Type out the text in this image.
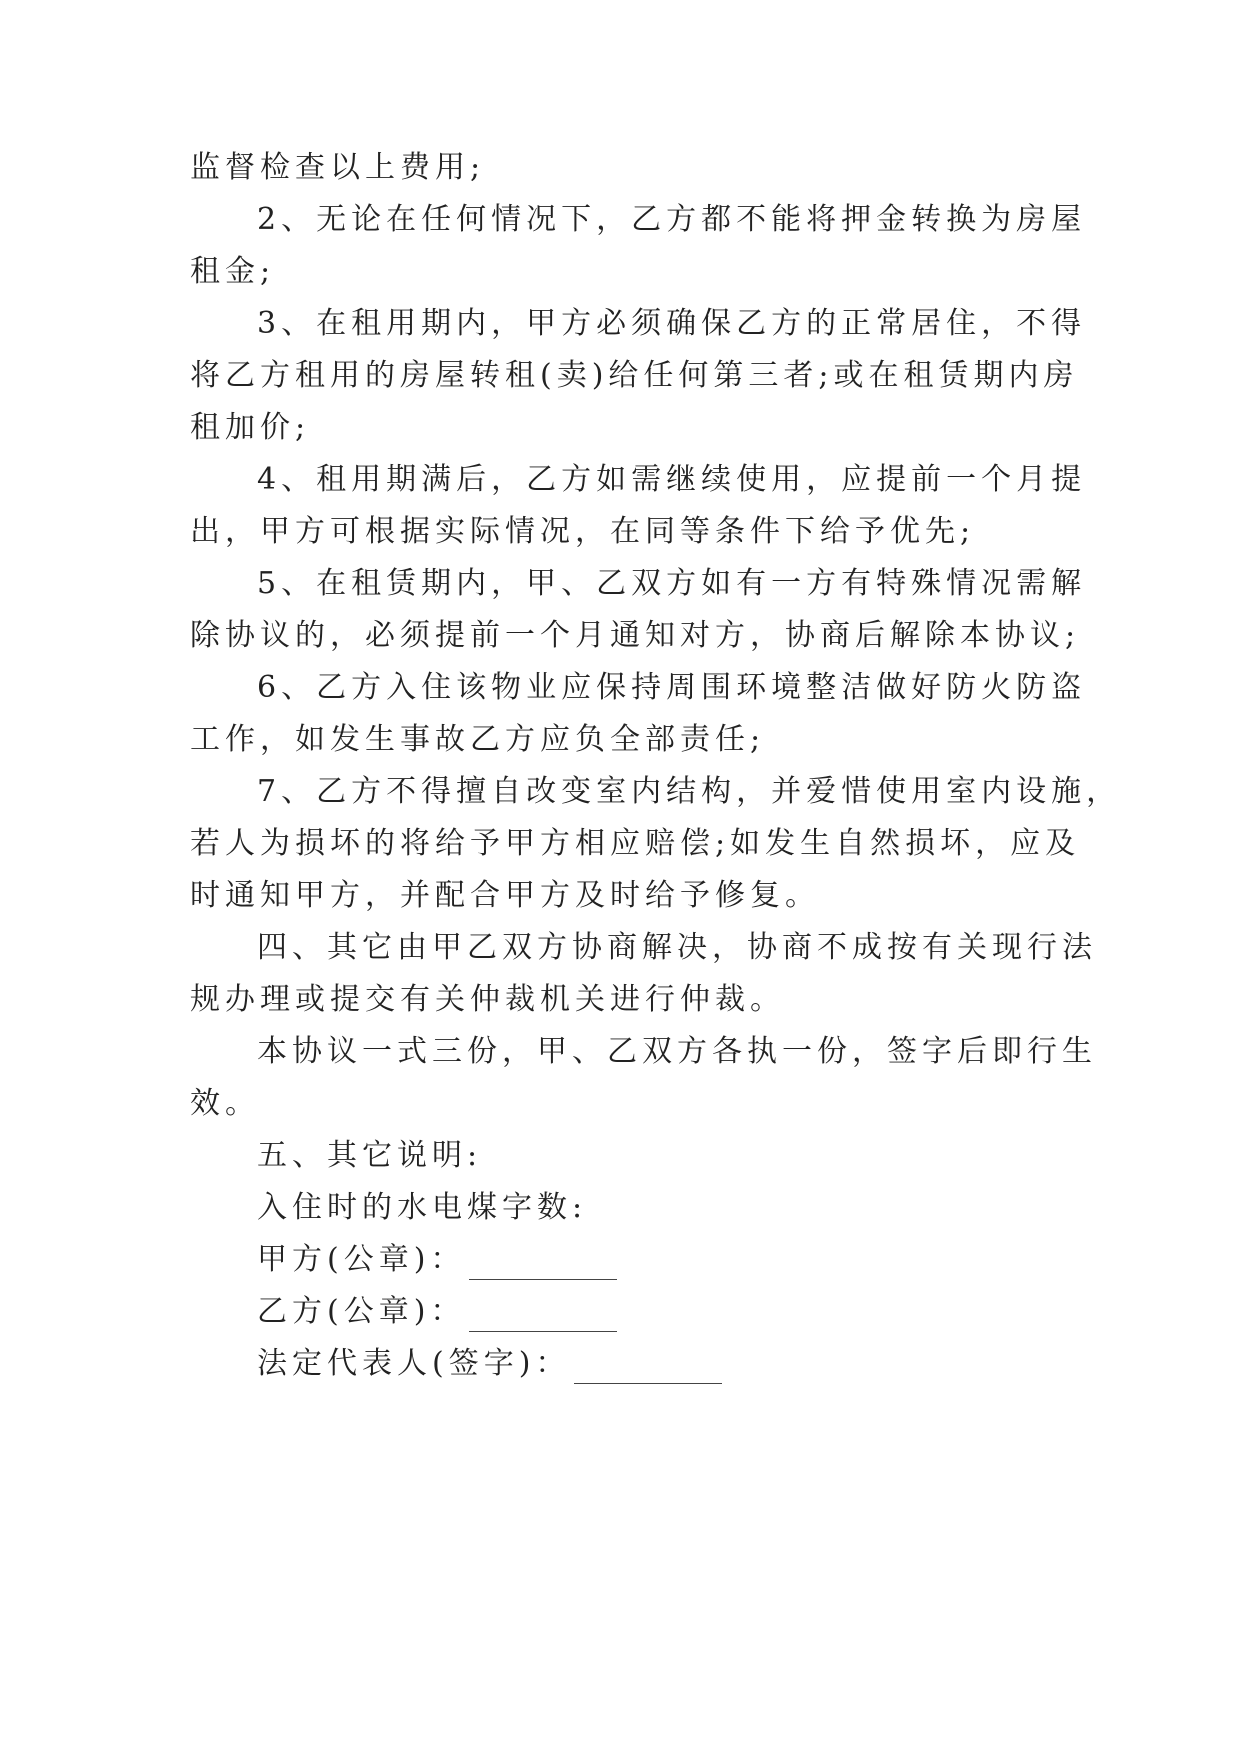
监督检查以上费用;
2、无论在任何情况下，乙方都不能将押金转换为房屋
租金;
3、在租用期内，甲方必须确保乙方的正常居住，不得
将乙方租用的房屋转租(卖)给任何第三者;或在租赁期内房
租加价;
4、租用期满后，乙方如需继续使用，应提前一个月提
出，甲方可根据实际情况，在同等条件下给予优先;
5、在租赁期内，甲、乙双方如有一方有特殊情况需解
除协议的，必须提前一个月通知对方，协商后解除本协议;
6、乙方入住该物业应保持周围环境整洁做好防火防盗
工作，如发生事故乙方应负全部责任;
7、乙方不得擅自改变室内结构，并爱惜使用室内设施，
若人为损坏的将给予甲方相应赔偿;如发生自然损坏，应及
时通知甲方，并配合甲方及时给予修复。
四、其它由甲乙双方协商解决，协商不成按有关现行法
规办理或提交有关仲裁机关进行仲裁。
本协议一式三份，甲、乙双方各执一份，签字后即行生
效。
五、其它说明:
入住时的水电煤字数:
甲方(公章)：
乙方(公章)：
法定代表人(签字)：
